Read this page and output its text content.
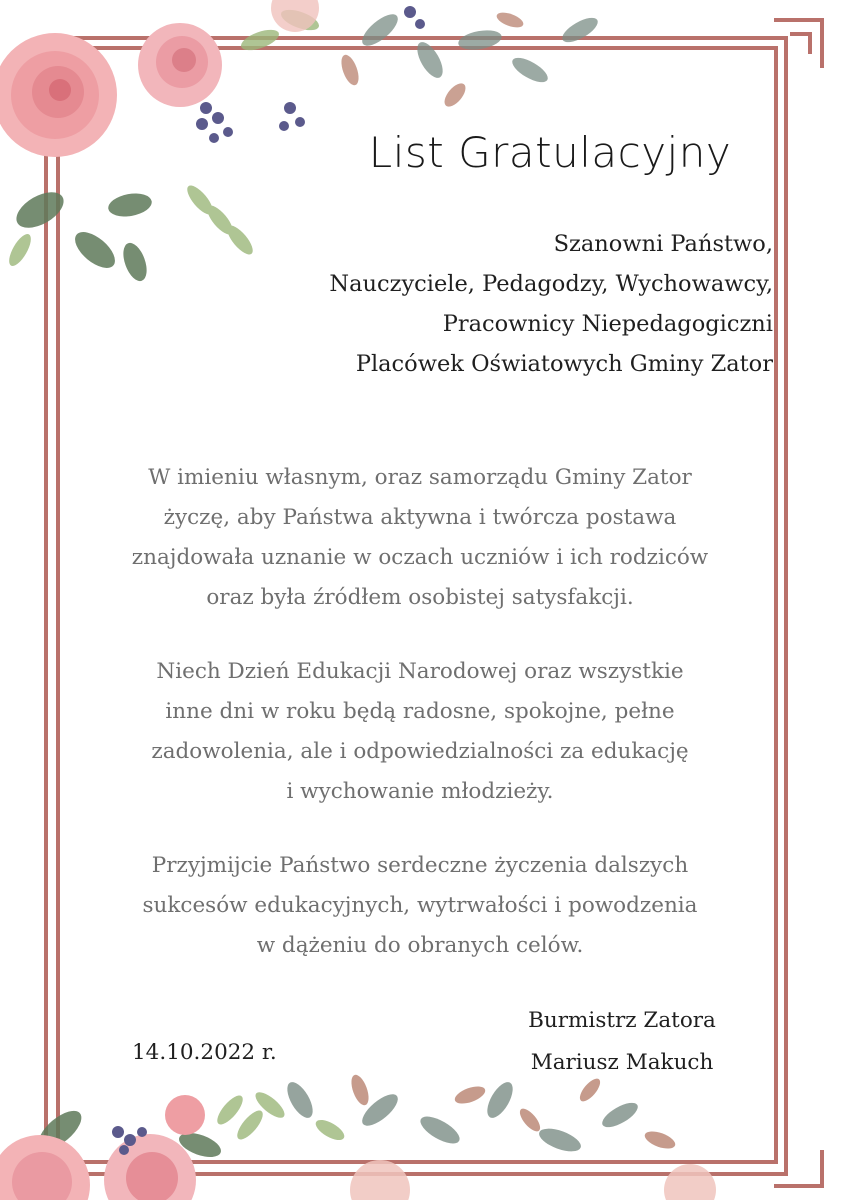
List Gratulacyjny
Szanowni Państwo,
Nauczyciele, Pedagodzy, Wychowawcy,
Pracownicy Niepedagogiczni
Placówek Oświatowych Gminy Zator
W imieniu własnym, oraz samorządu Gminy Zator
życzę, aby Państwa aktywna i twórcza postawa
znajdowała uznanie w oczach uczniów i ich rodziców
oraz była źródłem osobistej satysfakcji.
Niech Dzień Edukacji Narodowej oraz wszystkie
inne dni w roku będą radosne, spokojne, pełne
zadowolenia, ale i odpowiedzialności za edukację
i wychowanie młodzieży.
Przyjmijcie Państwo serdeczne życzenia dalszych
sukcesów edukacyjnych, wytrwałości i powodzenia
w dążeniu do obranych celów.
Burmistrz Zatora
Mariusz Makuch
14.10.2022 r.
